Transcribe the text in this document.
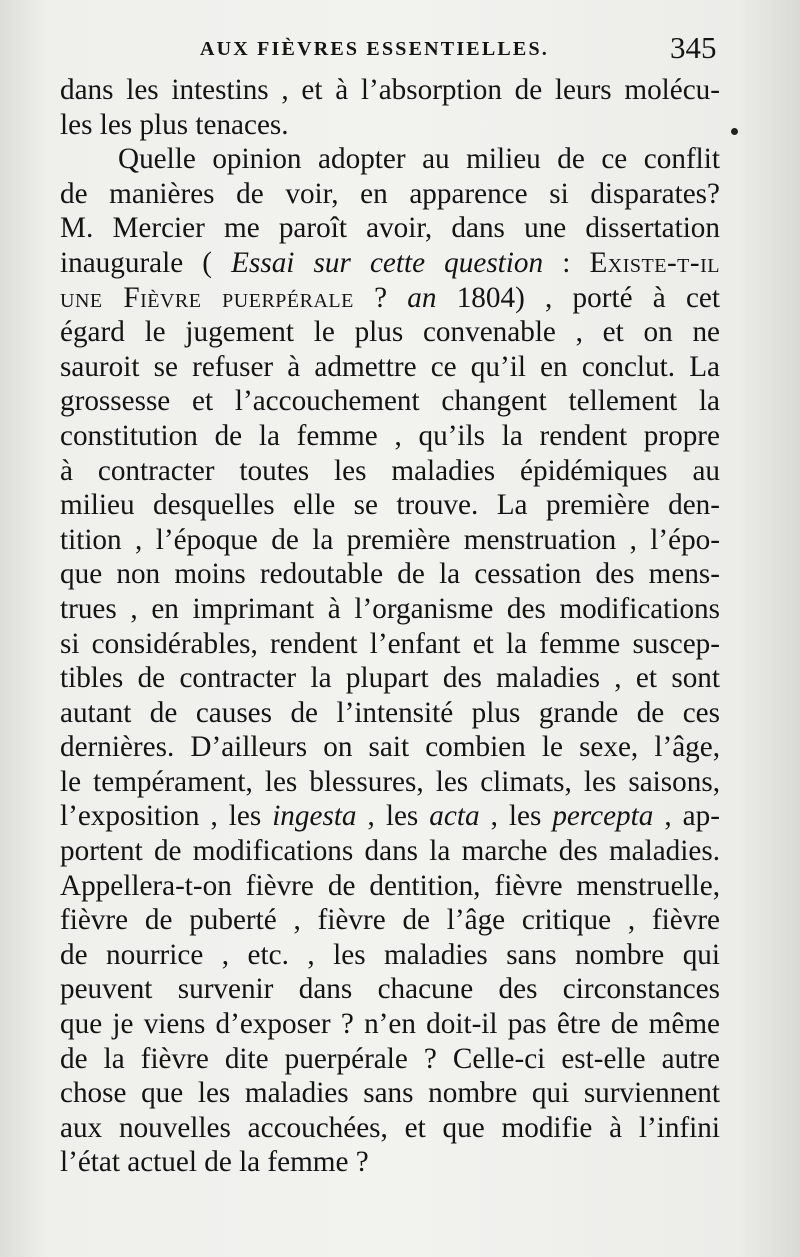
AUX FIÈVRES ESSENTIELLES.	345
dans les intestins , et à l’absorption de leurs molécu-
les les plus tenaces.
Quelle opinion adopter au milieu de ce conflit
de manières de voir, en apparence si disparates?
M. Mercier me paroît avoir, dans une dissertation
inaugurale ( Essai sur cette question : Existe-t-il
une Fièvre puerpérale ? an 1804) , porté à cet
égard le jugement le plus convenable , et on ne
sauroit se refuser à admettre ce qu’il en conclut. La
grossesse et l’accouchement changent tellement la
constitution de la femme , qu’ils la rendent propre
à contracter toutes les maladies épidémiques au
milieu desquelles elle se trouve. La première den-
tition , l’époque de la première menstruation , l’épo-
que non moins redoutable de la cessation des mens-
trues , en imprimant à l’organisme des modifications
si considérables, rendent l’enfant et la femme suscep-
tibles de contracter la plupart des maladies , et sont
autant de causes de l’intensité plus grande de ces
dernières. D’ailleurs on sait combien le sexe, l’âge,
le tempérament, les blessures, les climats, les saisons,
l’exposition , les ingesta , les acta , les percepta , ap-
portent de modifications dans la marche des maladies.
Appellera-t-on fièvre de dentition, fièvre menstruelle,
fièvre de puberté , fièvre de l’âge critique , fièvre
de nourrice , etc. , les maladies sans nombre qui
peuvent survenir dans chacune des circonstances
que je viens d’exposer ? n’en doit-il pas être de même
de la fièvre dite puerpérale ? Celle-ci est-elle autre
chose que les maladies sans nombre qui surviennent
aux nouvelles accouchées, et que modifie à l’infini
l’état actuel de la femme ?
